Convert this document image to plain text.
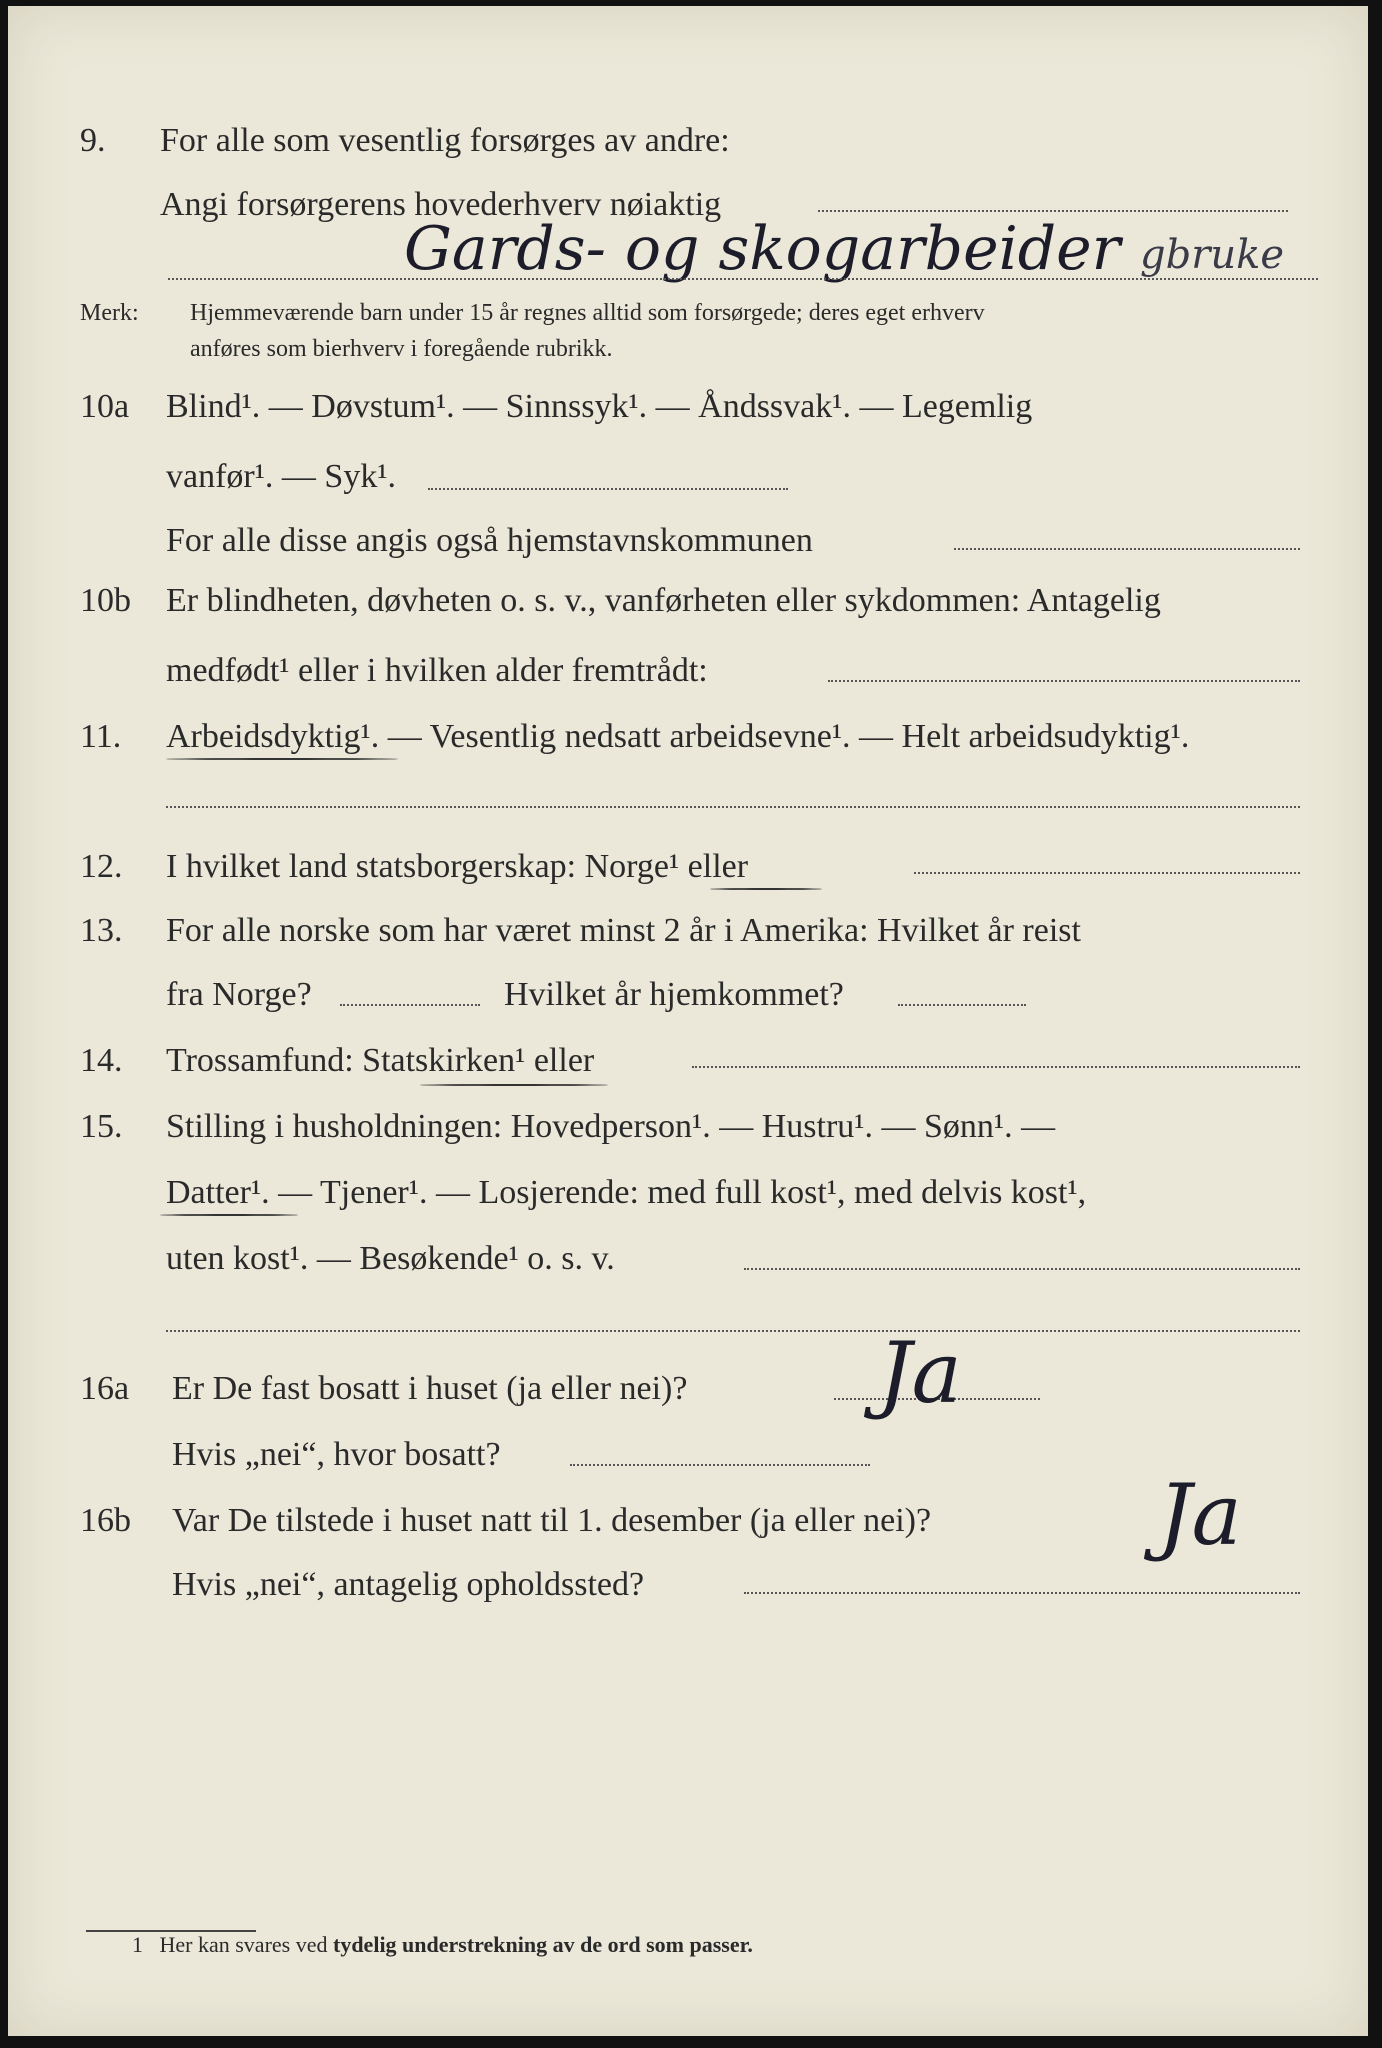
9. For alle som vesentlig forsørges av andre:
Angi forsørgerens hovederhverv nøiaktig
Gards- og skogarbeider gbruke
Merk: Hjemmeværende barn under 15 år regnes alltid som forsørgede; deres eget erhverv
anføres som bierhverv i foregående rubrikk.
10a Blind¹. — Døvstum¹. — Sinnssyk¹. — Åndssvak¹. — Legemlig
vanfør¹. — Syk¹.
For alle disse angis også hjemstavnskommunen
10b Er blindheten, døvheten o. s. v., vanførheten eller sykdommen: Antagelig
medfødt¹ eller i hvilken alder fremtrådt:
11. Arbeidsdyktig¹. — Vesentlig nedsatt arbeidsevne¹. — Helt arbeidsudyktig¹.
12. I hvilket land statsborgerskap: Norge¹ eller
13. For alle norske som har været minst 2 år i Amerika: Hvilket år reist
fra Norge?	Hvilket år hjemkommet?
14. Trossamfund: Statskirken¹ eller
15. Stilling i husholdningen: Hovedperson¹. — Hustru¹. — Sønn¹. —
Datter¹. — Tjener¹. — Losjerende: med full kost¹, med delvis kost¹,
uten kost¹. — Besøkende¹ o. s. v.
16a Er De fast bosatt i huset (ja eller nei)? Ja
Hvis „nei“, hvor bosatt?
16b Var De tilstede i huset natt til 1. desember (ja eller nei)?	Ja
Hvis „nei“, antagelig opholdssted?
1 Her kan svares ved tydelig understrekning av de ord som passer.
